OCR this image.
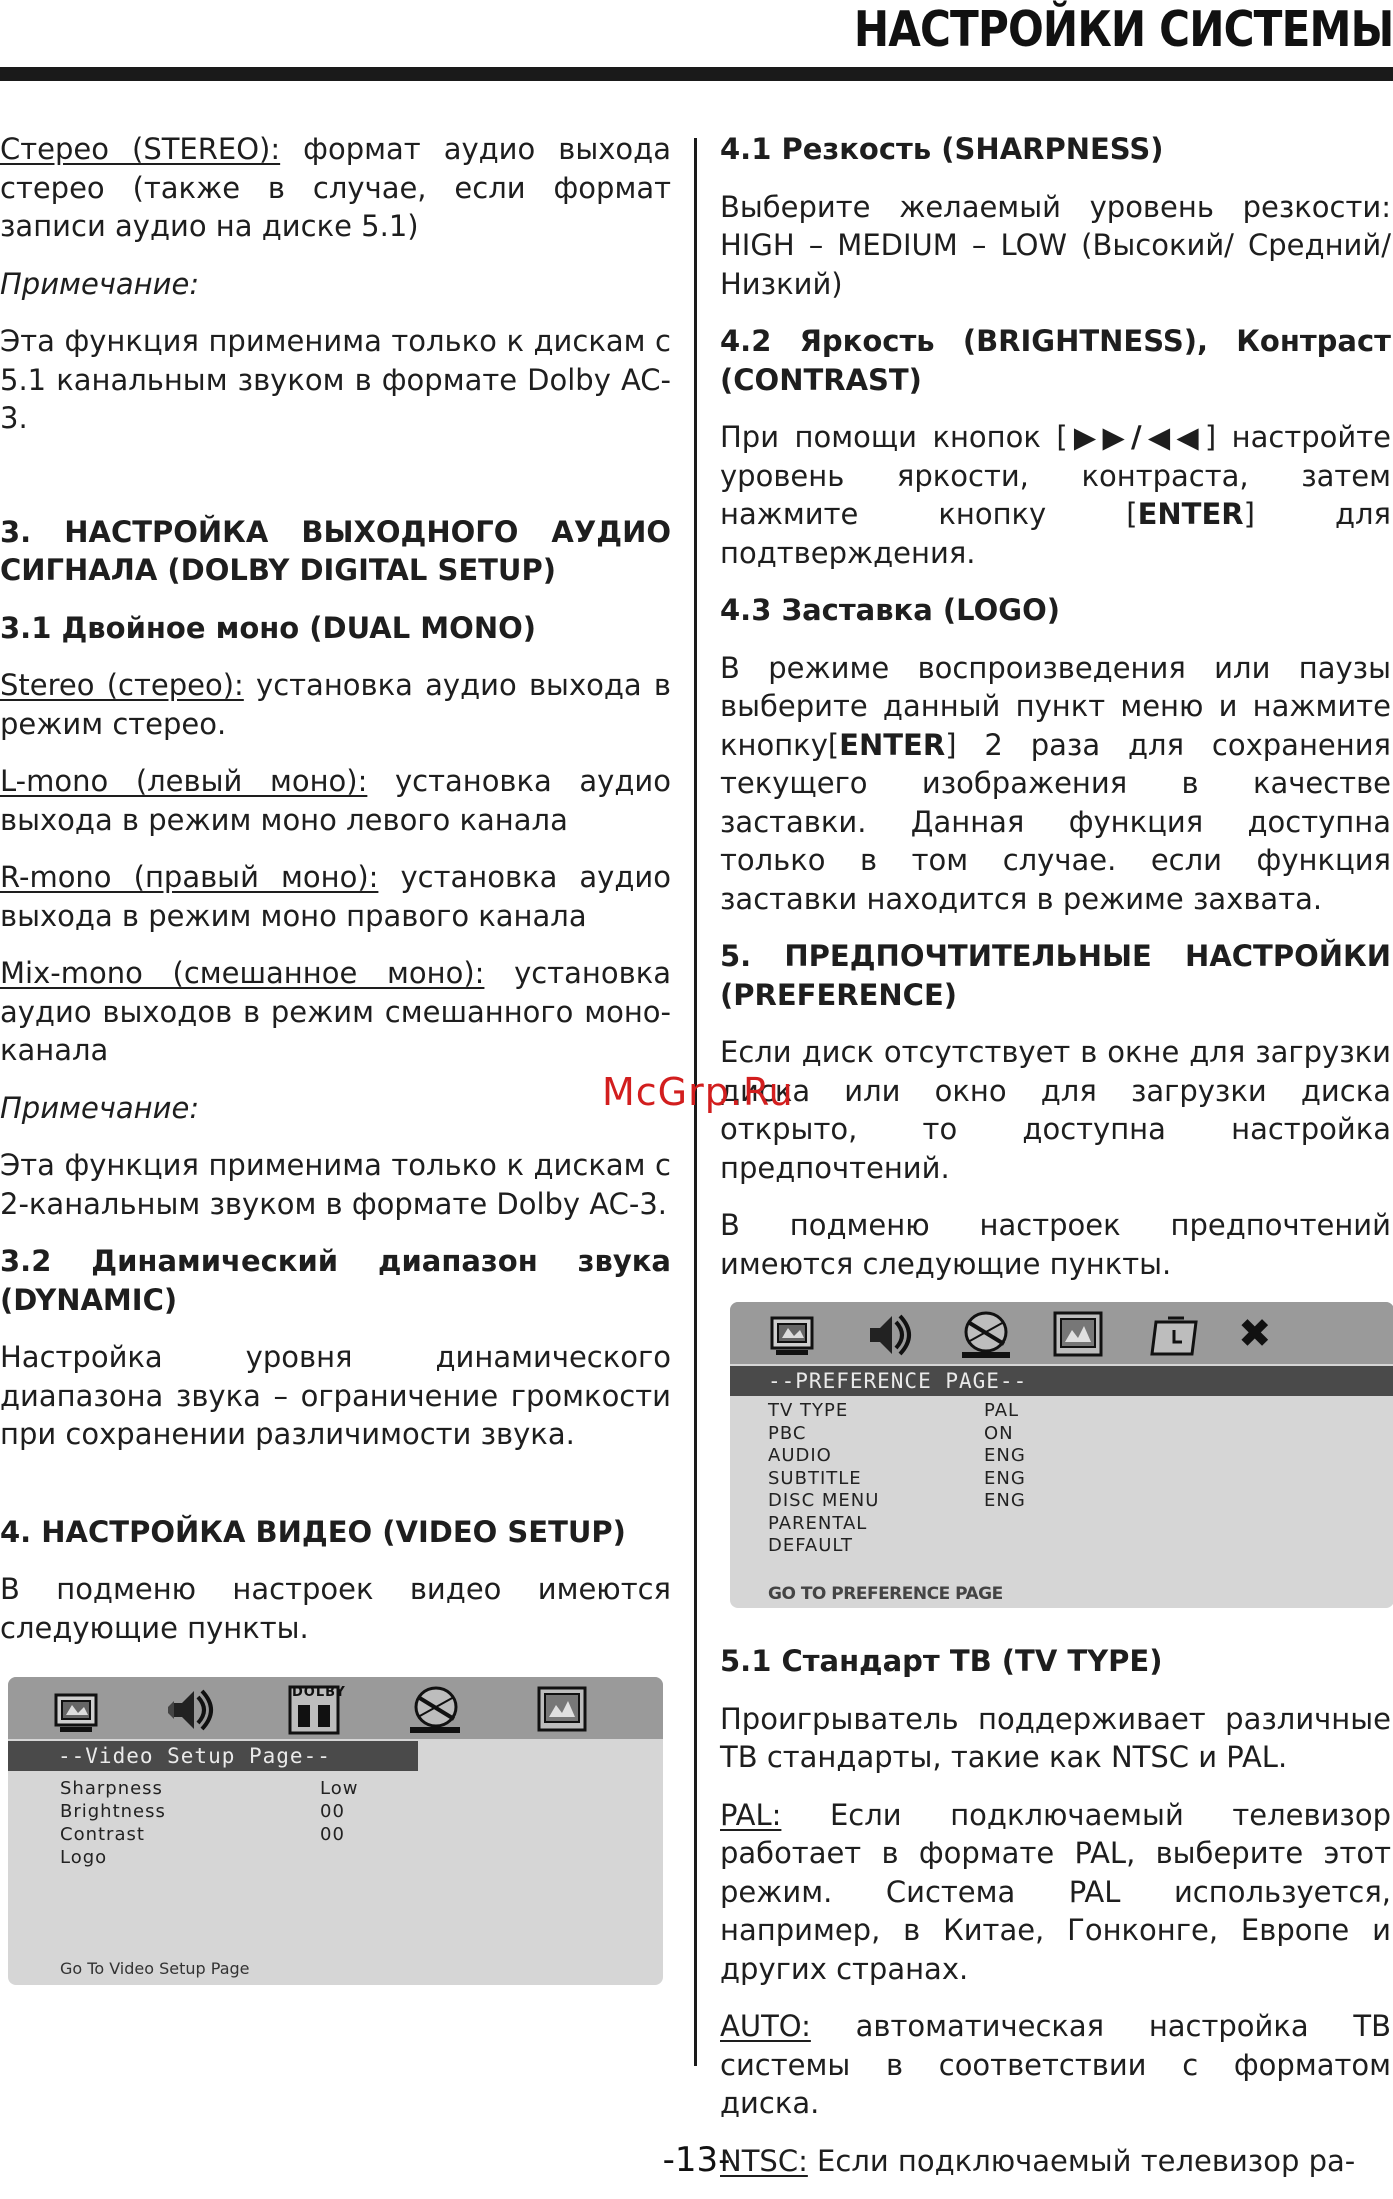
НАСТРОЙКИ СИСТЕМЫ

Стерео (STEREO): формат аудио выхода стерео (также в случае, если формат записи аудио на диске 5.1)

Примечание:

Эта функция применима только к дискам с 5.1 канальным звуком в формате Dolby AC-3.

3. НАСТРОЙКА ВЫХОДНОГО АУДИО СИГНАЛА (DOLBY DIGITAL SETUP)
3.1 Двойное моно (DUAL MONO)

Stereo (стерео): установка аудио выхода в режим стерео.

L-mono (левый моно): установка аудио выхода в режим моно левого канала

R-mono (правый моно): установка аудио выхода в режим моно правого канала

Mix-mono (смешанное моно): установка аудио выходов в режим смешанного моно-канала

Примечание:

Эта функция применима только к дискам с 2-канальным звуком в формате Dolby AC-3.

3.2 Динамический диапазон звука (DYNAMIC)

Настройка уровня динамического диапазона звука – ограничение громкости при сохранении различимости звука.

4. НАСТРОЙКА ВИДЕО (VIDEO SETUP)

В подменю настроек видео имеются следующие пункты.

DOLBY
--Video Setup Page--
Sharpness	Low
Brightness	00
Contrast	00
Logo
Go To Video Setup Page
4.1 Резкость (SHARPNESS)

Выберите желаемый уровень резкости: HIGH – MEDIUM – LOW (Высокий/ Средний/ Низкий)

4.2 Яркость (BRIGHTNESS), Контраст (CONTRAST)

При помощи кнопок [▶▶/◀◀] настройте уровень яркости, контраста, затем нажмите кнопку [ENTER] для подтверждения.

4.3 Заставка (LOGO)

В режиме воспроизведения или паузы выберите данный пункт меню и нажмите кнопку[ENTER] 2 раза для сохранения текущего изображения в качестве заставки. Данная функция доступна только в том случае. если функция заставки находится в режиме захвата.

5. ПРЕДПОЧТИТЕЛЬНЫЕ НАСТРОЙКИ (PREFERENCE)

Если диск отсутствует в окне для загрузки диска или окно для загрузки диска открыто, то доступна настройка предпочтений.

В подменю настроек предпочтений имеются следующие пункты.

✖
--PREFERENCE PAGE--
TV TYPE	PAL
PBC	ON
AUDIO	ENG
SUBTITLE	ENG
DISC MENU	ENG
PARENTAL
DEFAULT
GO TO PREFERENCE PAGE
5.1 Стандарт ТВ (TV TYPE)

Проигрыватель поддерживает различные ТВ стандарты, такие как NTSC и PAL.

PAL: Если подключаемый телевизор работает в формате PAL, выберите этот режим. Система PAL используется, например, в Китае, Гонконге, Европе и других странах.

AUTO: автоматическая настройка ТВ системы в соответствии с форматом диска.

NTSC: Если подключаемый телевизор ра-

McGrp.Ru
-13-
